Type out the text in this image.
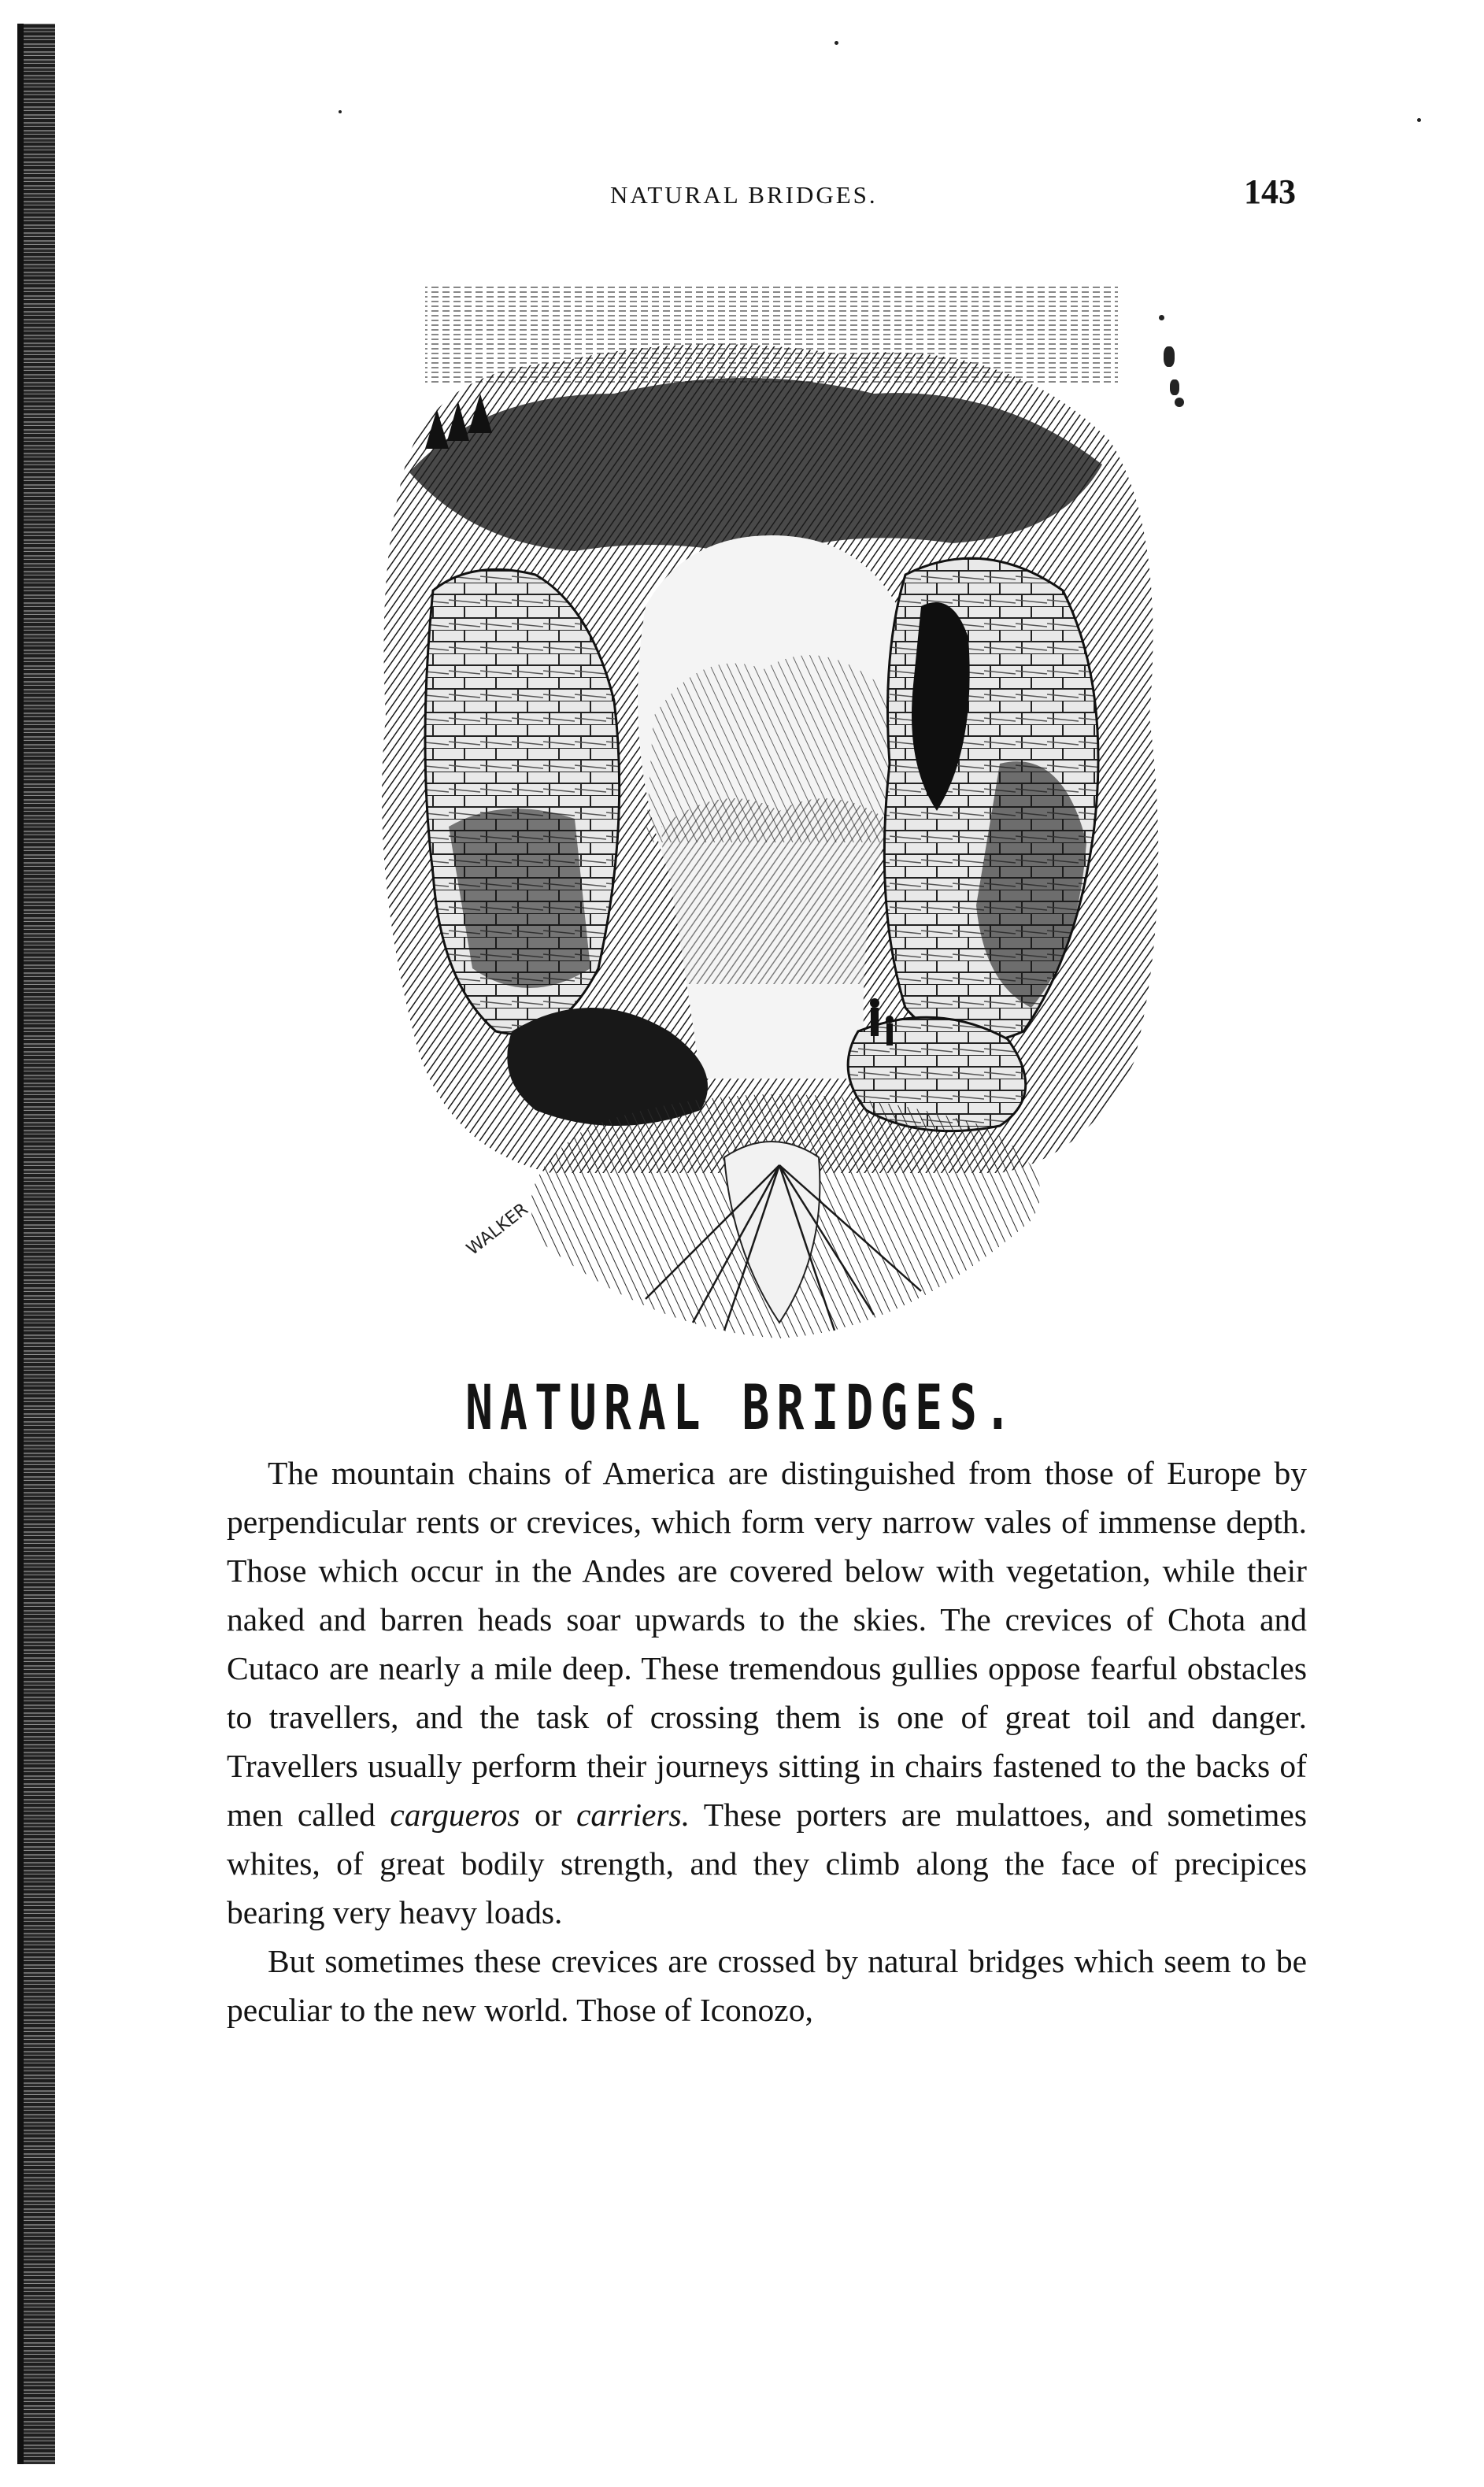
NATURAL BRIDGES.	143
WALKER
NATURAL BRIDGES.

The mountain chains of America are distinguished from those of Europe by perpendicular rents or crevices, which form very narrow vales of immense depth. Those which occur in the Andes are covered below with vegetation, while their naked and barren heads soar upwards to the skies. The crevices of Chota and Cutaco are nearly a mile deep. These tremendous gullies oppose fearful obstacles to travellers, and the task of crossing them is one of great toil and danger. Travellers usually perform their journeys sitting in chairs fastened to the backs of men called cargueros or carriers. These porters are mulattoes, and sometimes whites, of great bodily strength, and they climb along the face of precipices bearing very heavy loads.

But sometimes these crevices are crossed by natural bridges which seem to be peculiar to the new world. Those of Iconozo,
